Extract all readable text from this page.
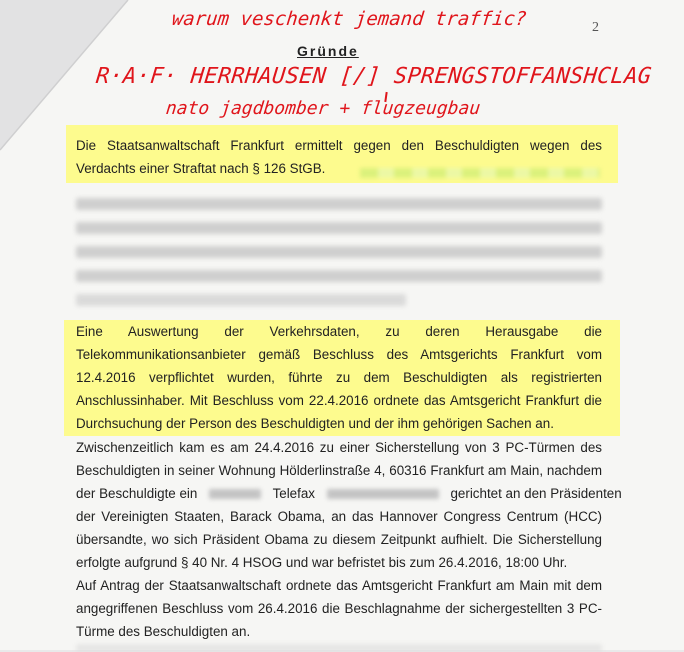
2
Gründe
warum veschenkt jemand traffic?
R·A·F· HERRHAUSEN [/] SPRENGSTOFFANSHCLAG
nato jagdbomber + flugzeugbau
Die Staatsanwaltschaft Frankfurt ermittelt gegen den Beschuldigten wegen des
Verdachts einer Straftat nach § 126 StGB.
Eine Auswertung der Verkehrsdaten, zu deren Herausgabe die
Telekommunikationsanbieter gemäß Beschluss des Amtsgerichts Frankfurt vom
12.4.2016 verpflichtet wurden, führte zu dem Beschuldigten als registrierten
Anschlussinhaber. Mit Beschluss vom 22.4.2016 ordnete das Amtsgericht Frankfurt die
Durchsuchung der Person des Beschuldigten und der ihm gehörigen Sachen an.
Zwischenzeitlich kam es am 24.4.2016 zu einer Sicherstellung von 3 PC-Türmen des
Beschuldigten in seiner Wohnung Hölderlinstraße 4, 60316 Frankfurt am Main, nachdem
der Beschuldigte ein	Telefax	gerichtet an den Präsidenten
der Vereinigten Staaten, Barack Obama, an das Hannover Congress Centrum (HCC)
übersandte, wo sich Präsident Obama zu diesem Zeitpunkt aufhielt. Die Sicherstellung
erfolgte aufgrund § 40 Nr. 4 HSOG und war befristet bis zum 26.4.2016, 18:00 Uhr.
Auf Antrag der Staatsanwaltschaft ordnete das Amtsgericht Frankfurt am Main mit dem
angegriffenen Beschluss vom 26.4.2016 die Beschlagnahme der sichergestellten 3 PC-
Türme des Beschuldigten an.
